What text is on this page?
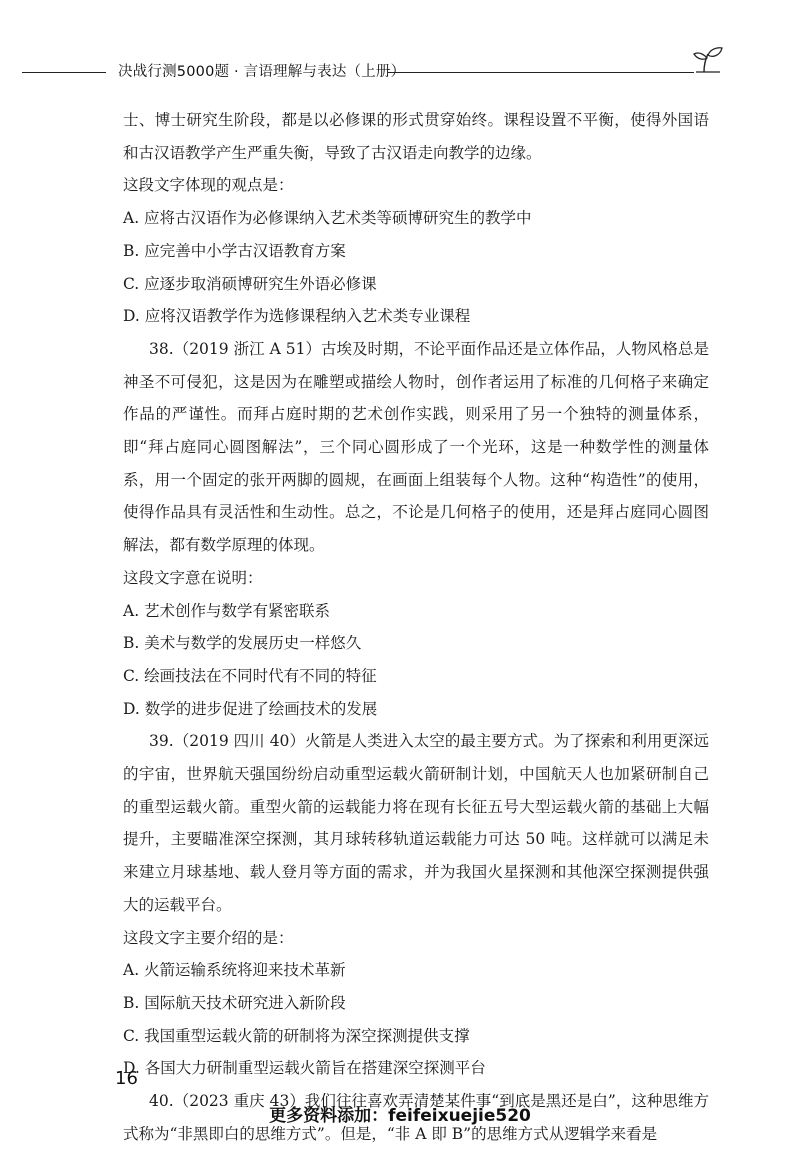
决战行测5000题 · 言语理解与表达（上册）

士、博士研究生阶段，都是以必修课的形式贯穿始终。课程设置不平衡，使得外国语和古汉语教学产生严重失衡，导致了古汉语走向教学的边缘。

这段文字体现的观点是：

A. 应将古汉语作为必修课纳入艺术类等硕博研究生的教学中

B. 应完善中小学古汉语教育方案

C. 应逐步取消硕博研究生外语必修课

D. 应将汉语教学作为选修课程纳入艺术类专业课程

38.（2019 浙江 A 51）古埃及时期，不论平面作品还是立体作品，人物风格总是神圣不可侵犯，这是因为在雕塑或描绘人物时，创作者运用了标准的几何格子来确定作品的严谨性。而拜占庭时期的艺术创作实践，则采用了另一个独特的测量体系，即“拜占庭同心圆图解法”，三个同心圆形成了一个光环，这是一种数学性的测量体系，用一个固定的张开两脚的圆规，在画面上组装每个人物。这种“构造性”的使用，使得作品具有灵活性和生动性。总之，不论是几何格子的使用，还是拜占庭同心圆图解法，都有数学原理的体现。

这段文字意在说明：

A. 艺术创作与数学有紧密联系

B. 美术与数学的发展历史一样悠久

C. 绘画技法在不同时代有不同的特征

D. 数学的进步促进了绘画技术的发展

39.（2019 四川 40）火箭是人类进入太空的最主要方式。为了探索和利用更深远的宇宙，世界航天强国纷纷启动重型运载火箭研制计划，中国航天人也加紧研制自己的重型运载火箭。重型火箭的运载能力将在现有长征五号大型运载火箭的基础上大幅提升，主要瞄准深空探测，其月球转移轨道运载能力可达 50 吨。这样就可以满足未来建立月球基地、载人登月等方面的需求，并为我国火星探测和其他深空探测提供强大的运载平台。

这段文字主要介绍的是：

A. 火箭运输系统将迎来技术革新

B. 国际航天技术研究进入新阶段

C. 我国重型运载火箭的研制将为深空探测提供支撑

D. 各国大力研制重型运载火箭旨在搭建深空探测平台

40.（2023 重庆 43）我们往往喜欢弄清楚某件事“到底是黑还是白”，这种思维方式称为“非黑即白的思维方式”。但是，“非 A 即 B”的思维方式从逻辑学来看是

16
更多资料添加：feifeixuejie520
